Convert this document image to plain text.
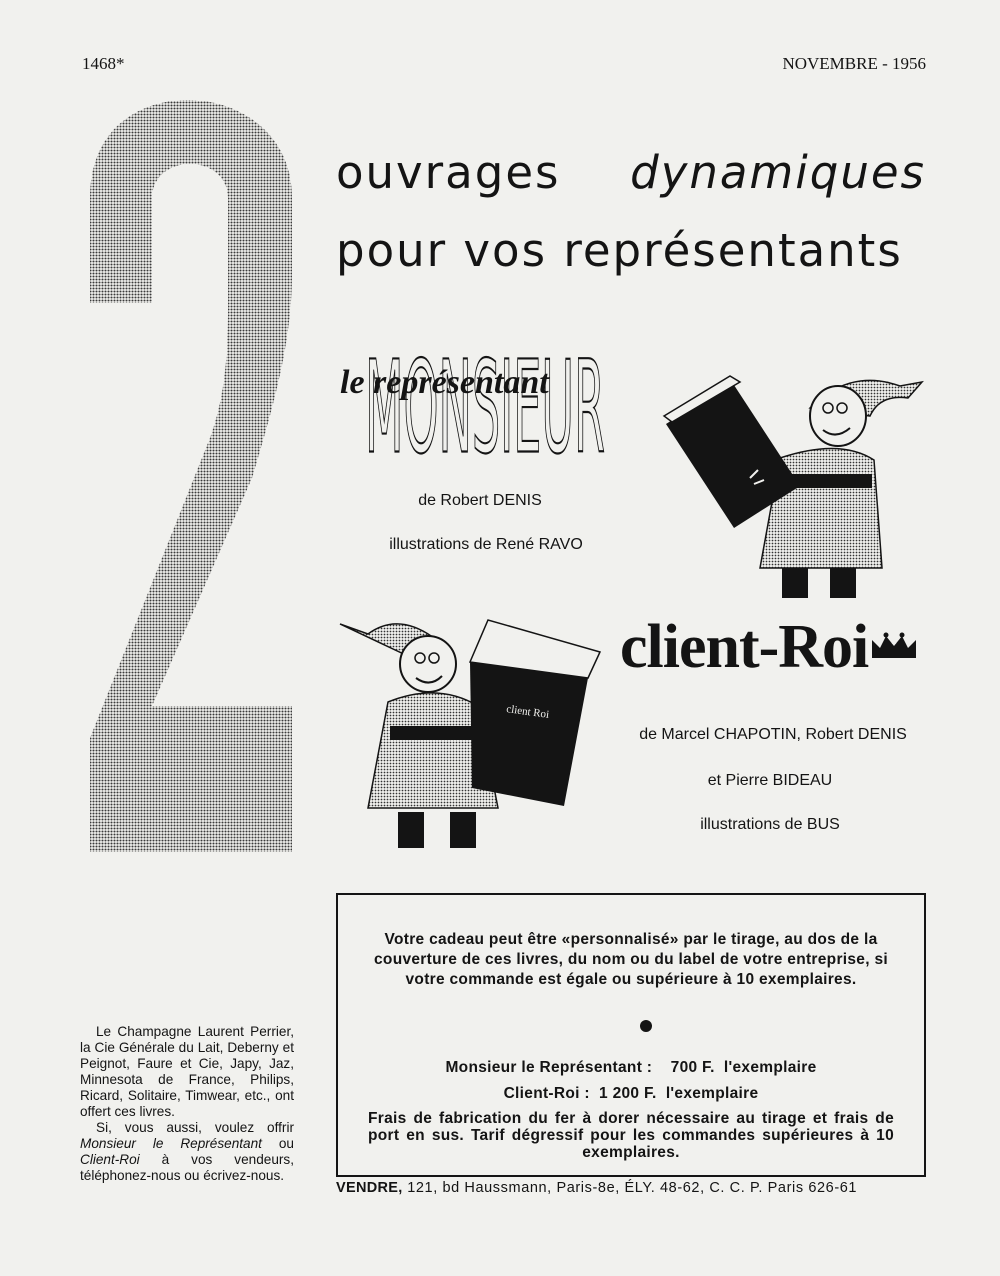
1468*	NOVEMBRE - 1956
ouvrages dynamiques
pour vos représentants
MONSIEUR
le représentant
de Robert DENIS
illustrations de René RAVO
client Roi
client-Roi
de Marcel CHAPOTIN, Robert DENIS
et Pierre BIDEAU
illustrations de BUS

Le Champagne Laurent Perrier, la Cie Générale du Lait, Deberny et Peignot, Faure et Cie, Japy, Jaz, Minnesota de France, Philips, Ricard, Solitaire, Timwear, etc., ont offert ces livres.

Si, vous aussi, voulez offrir Monsieur le Représentant ou Client-Roi à vos vendeurs, téléphonez-nous ou écrivez-nous.

Votre cadeau peut être «personnalisé» par le tirage, au dos de la couverture de ces livres, du nom ou du label de votre entreprise, si votre commande est égale ou supérieure à 10 exemplaires.
Monsieur le Représentant : 700 F. l'exemplaire
Client-Roi : 1 200 F. l'exemplaire
Frais de fabrication du fer à dorer nécessaire au tirage et frais de port en sus. Tarif dégressif pour les commandes supérieures à 10 exemplaires.
VENDRE, 121, bd Haussmann, Paris-8e, ÉLY. 48-62, C. C. P. Paris 626-61
